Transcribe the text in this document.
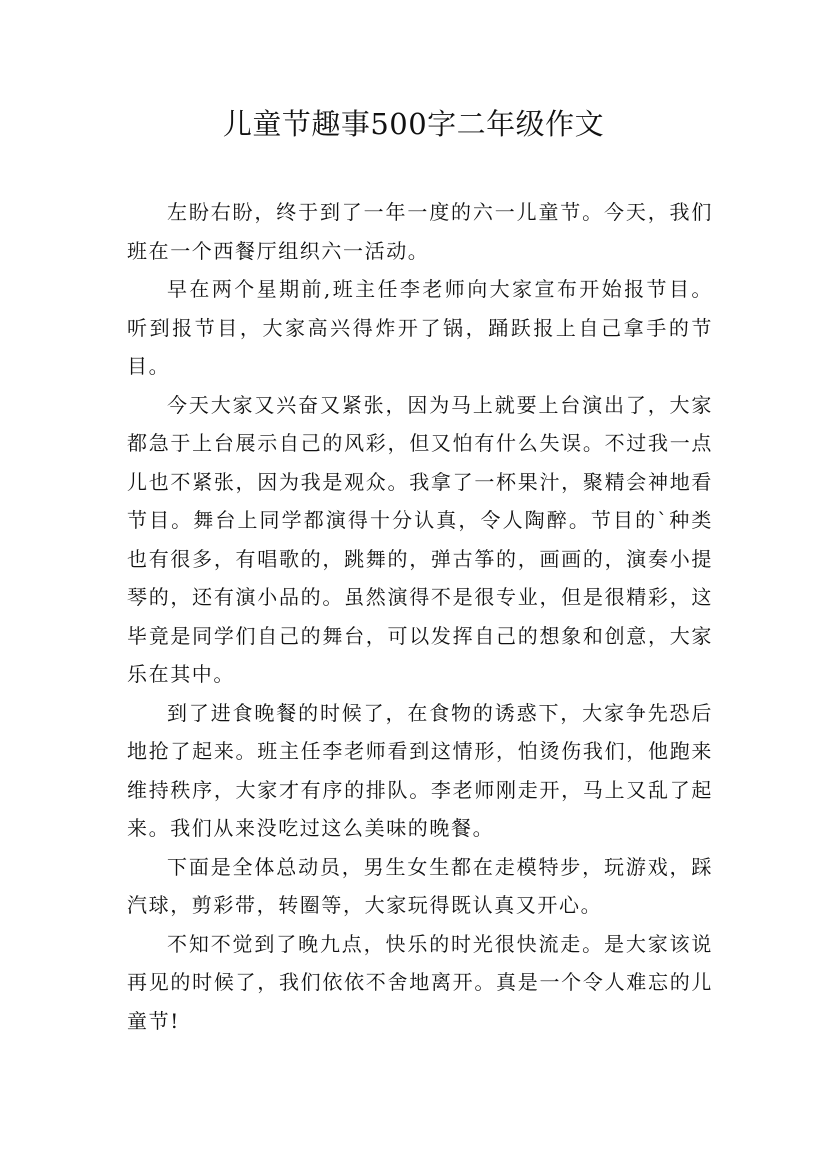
儿童节趣事500字二年级作文

左盼右盼，终于到了一年一度的六一儿童节。今天，我们班在一个西餐厅组织六一活动。

早在两个星期前,班主任李老师向大家宣布开始报节目。听到报节目，大家高兴得炸开了锅，踊跃报上自己拿手的节目。

今天大家又兴奋又紧张，因为马上就要上台演出了，大家都急于上台展示自己的风彩，但又怕有什么失误。不过我一点儿也不紧张，因为我是观众。我拿了一杯果汁，聚精会神地看节目。舞台上同学都演得十分认真，令人陶醉。节目的`种类也有很多，有唱歌的，跳舞的，弹古筝的，画画的，演奏小提琴的，还有演小品的。虽然演得不是很专业，但是很精彩，这毕竟是同学们自己的舞台，可以发挥自己的想象和创意，大家乐在其中。

到了进食晚餐的时候了，在食物的诱惑下，大家争先恐后地抢了起来。班主任李老师看到这情形，怕烫伤我们，他跑来维持秩序，大家才有序的排队。李老师刚走开，马上又乱了起来。我们从来没吃过这么美味的晚餐。

下面是全体总动员，男生女生都在走模特步，玩游戏，踩汽球，剪彩带，转圈等，大家玩得既认真又开心。

不知不觉到了晚九点，快乐的时光很快流走。是大家该说再见的时候了，我们依依不舍地离开。真是一个令人难忘的儿童节!
